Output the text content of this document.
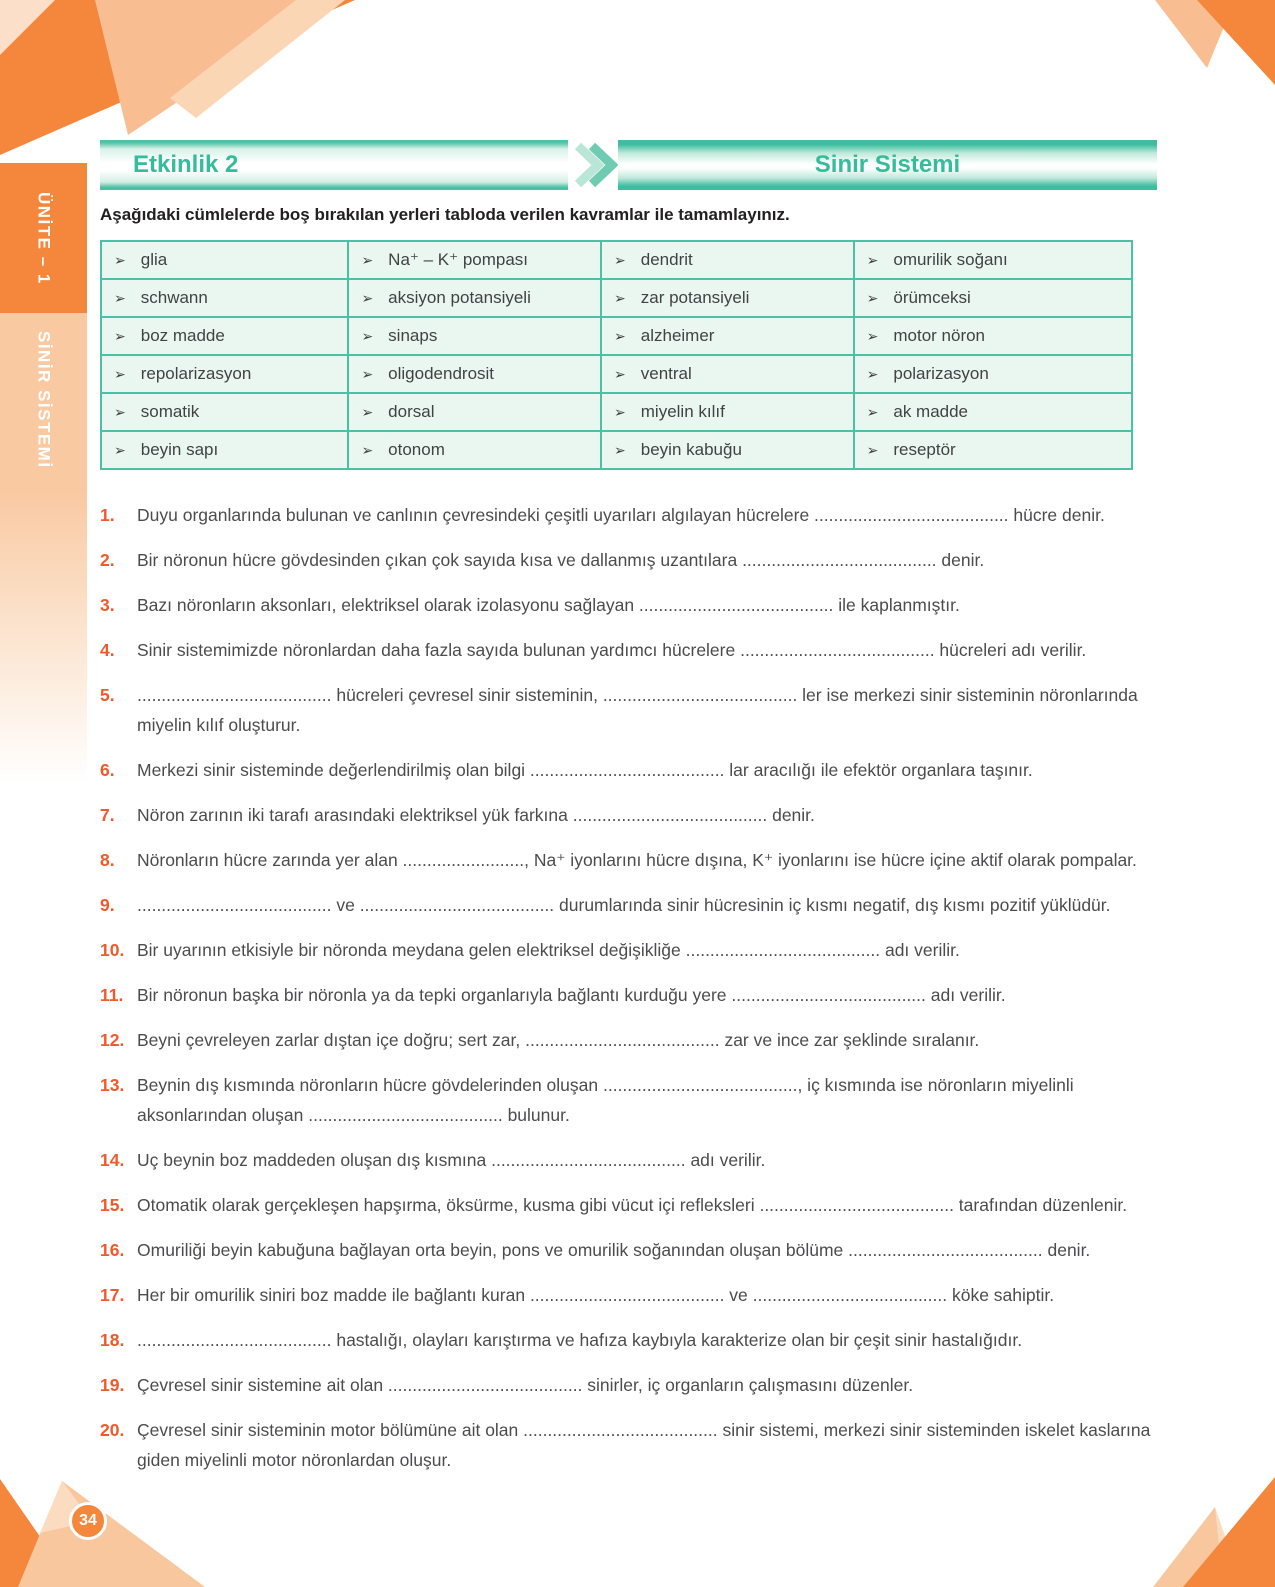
34
ÜNİTE – 1
SİNİR SİSTEMİ
Etkinlik 2	Sinir Sistemi
Aşağıdaki cümlelerde boş bırakılan yerleri tabloda verilen kavramlar ile tamamlayınız.
➢ glia	➢ Na⁺ – K⁺ pompası	➢ dendrit	➢ omurilik soğanı

➢ schwann	➢ aksiyon potansiyeli	➢ zar potansiyeli	➢ örümceksi

➢ boz madde	➢ sinaps	➢ alzheimer	➢ motor nöron

➢ repolarizasyon	➢ oligodendrosit	➢ ventral	➢ polarizasyon

➢ somatik	➢ dorsal	➢ miyelin kılıf	➢ ak madde

➢ beyin sapı	➢ otonom	➢ beyin kabuğu	➢ reseptör
1.	Duyu organlarında bulunan ve canlının çevresindeki çeşitli uyarıları algılayan hücrelere ........................................ hücre denir.
2.	Bir nöronun hücre gövdesinden çıkan çok sayıda kısa ve dallanmış uzantılara ........................................ denir.
3.	Bazı nöronların aksonları, elektriksel olarak izolasyonu sağlayan ........................................ ile kaplanmıştır.
4.	Sinir sistemimizde nöronlardan daha fazla sayıda bulunan yardımcı hücrelere ........................................ hücreleri adı verilir.
5.	........................................ hücreleri çevresel sinir sisteminin, ........................................ ler ise merkezi sinir sisteminin nöronlarında miyelin kılıf oluşturur.
6.	Merkezi sinir sisteminde değerlendirilmiş olan bilgi ........................................ lar aracılığı ile efektör organlara taşınır.
7.	Nöron zarının iki tarafı arasındaki elektriksel yük farkına ........................................ denir.
8.	Nöronların hücre zarında yer alan ........................., Na⁺ iyonlarını hücre dışına, K⁺ iyonlarını ise hücre içine aktif olarak pompalar.
9.	........................................ ve ........................................ durumlarında sinir hücresinin iç kısmı negatif, dış kısmı pozitif yüklüdür.
10. Bir uyarının etkisiyle bir nöronda meydana gelen elektriksel değişikliğe ........................................ adı verilir.
11. Bir nöronun başka bir nöronla ya da tepki organlarıyla bağlantı kurduğu yere ........................................ adı verilir.
12. Beyni çevreleyen zarlar dıştan içe doğru; sert zar, ........................................ zar ve ince zar şeklinde sıralanır.
13. Beynin dış kısmında nöronların hücre gövdelerinden oluşan ........................................, iç kısmında ise nöronların miyelinli aksonlarından oluşan ........................................ bulunur.
14. Uç beynin boz maddeden oluşan dış kısmına ........................................ adı verilir.
15. Otomatik olarak gerçekleşen hapşırma, öksürme, kusma gibi vücut içi refleksleri ........................................ tarafından düzenlenir.
16. Omuriliği beyin kabuğuna bağlayan orta beyin, pons ve omurilik soğanından oluşan bölüme ........................................ denir.
17. Her bir omurilik siniri boz madde ile bağlantı kuran ........................................ ve ........................................ köke sahiptir.
18. ........................................ hastalığı, olayları karıştırma ve hafıza kaybıyla karakterize olan bir çeşit sinir hastalığıdır.
19. Çevresel sinir sistemine ait olan ........................................ sinirler, iç organların çalışmasını düzenler.
20. Çevresel sinir sisteminin motor bölümüne ait olan ........................................ sinir sistemi, merkezi sinir sisteminden iskelet kaslarına giden miyelinli motor nöronlardan oluşur.
